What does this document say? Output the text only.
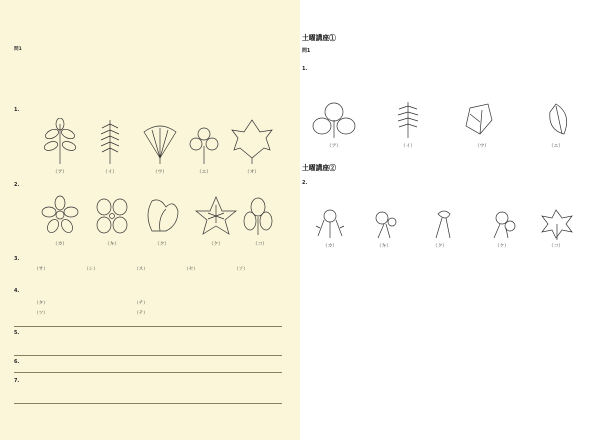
問1
1.
（ア）	（イ）	（ウ）	（エ）	（オ）
2.
（カ）	（キ）	（ク）	（ケ）	（コ）
3.
（サ）	（シ）	（ス）	（セ）	（ソ）
4.
（タ）	（チ）
（ツ）	（テ）
5.
6.
7.
土曜講座①
問1
1.
（ア）	（イ）	（ウ）	（エ）
土曜講座②
2.
（カ）	（キ）	（ク）	（ケ）	（コ）
